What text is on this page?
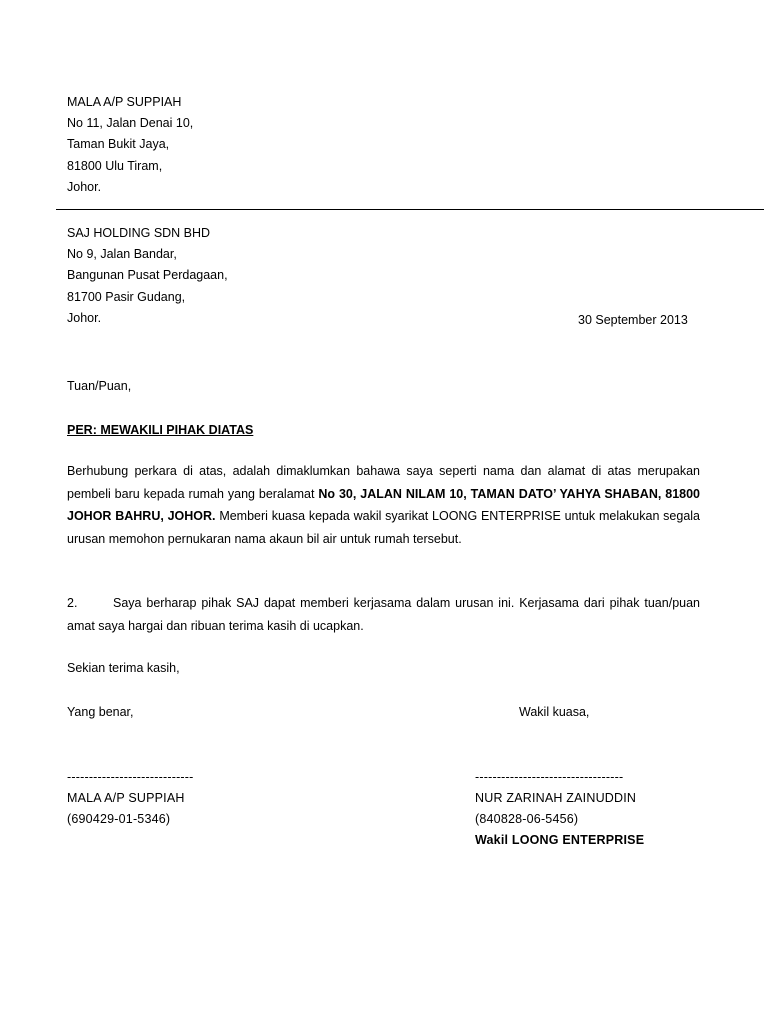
MALA A/P SUPPIAH
No 11, Jalan Denai 10,
Taman Bukit Jaya,
81800 Ulu Tiram,
Johor.
SAJ HOLDING SDN BHD
No 9, Jalan Bandar,
Bangunan Pusat Perdagaan,
81700 Pasir Gudang,
Johor.	30 September 2013
Tuan/Puan,
PER: MEWAKILI PIHAK DIATAS
Berhubung perkara di atas, adalah dimaklumkan bahawa saya seperti nama dan alamat di atas merupakan pembeli baru kepada rumah yang beralamat No 30, JALAN NILAM 10, TAMAN DATO’ YAHYA SHABAN, 81800 JOHOR BAHRU, JOHOR. Memberi kuasa kepada wakil syarikat LOONG ENTERPRISE untuk melakukan segala urusan memohon pernukaran nama akaun bil air untuk rumah tersebut.
2.	Saya berharap pihak SAJ dapat memberi kerjasama dalam urusan ini. Kerjasama dari pihak tuan/puan amat saya hargai dan ribuan terima kasih di ucapkan.
Sekian terima kasih,
Yang benar,	Wakil kuasa,
-----------------------------
MALA A/P SUPPIAH
(690429-01-5346)
----------------------------------
NUR ZARINAH ZAINUDDIN
(840828-06-5456)
Wakil LOONG ENTERPRISE
